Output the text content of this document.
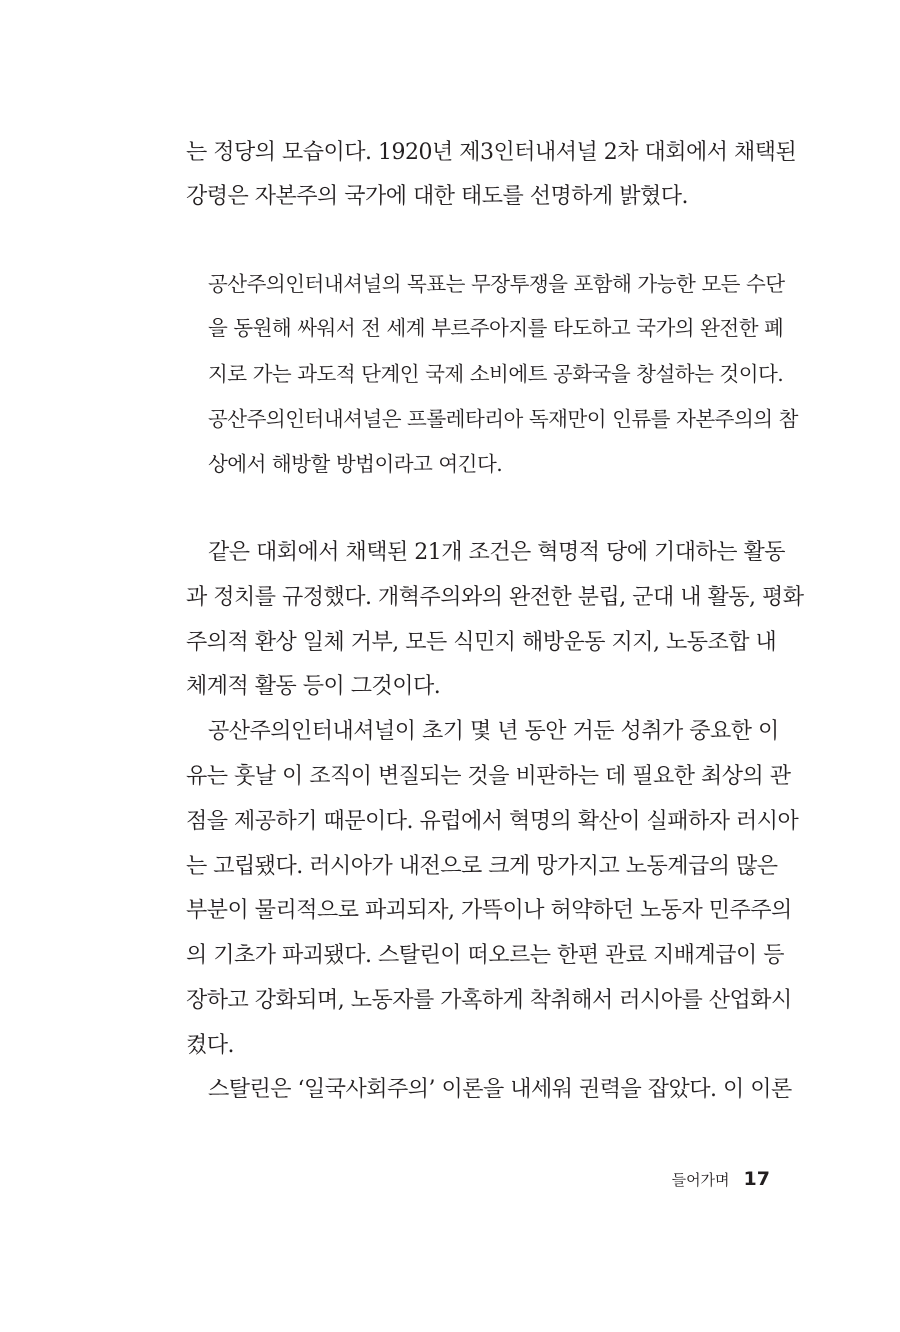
는 정당의 모습이다. 1920년 제3인터내셔널 2차 대회에서 채택된
강령은 자본주의 국가에 대한 태도를 선명하게 밝혔다.
공산주의인터내셔널의 목표는 무장투쟁을 포함해 가능한 모든 수단
을 동원해 싸워서 전 세계 부르주아지를 타도하고 국가의 완전한 폐
지로 가는 과도적 단계인 국제 소비에트 공화국을 창설하는 것이다.
공산주의인터내셔널은 프롤레타리아 독재만이 인류를 자본주의의 참
상에서 해방할 방법이라고 여긴다.
같은 대회에서 채택된 21개 조건은 혁명적 당에 기대하는 활동
과 정치를 규정했다. 개혁주의와의 완전한 분립, 군대 내 활동, 평화
주의적 환상 일체 거부, 모든 식민지 해방운동 지지, 노동조합 내
체계적 활동 등이 그것이다.
공산주의인터내셔널이 초기 몇 년 동안 거둔 성취가 중요한 이
유는 훗날 이 조직이 변질되는 것을 비판하는 데 필요한 최상의 관
점을 제공하기 때문이다. 유럽에서 혁명의 확산이 실패하자 러시아
는 고립됐다. 러시아가 내전으로 크게 망가지고 노동계급의 많은
부분이 물리적으로 파괴되자, 가뜩이나 허약하던 노동자 민주주의
의 기초가 파괴됐다. 스탈린이 떠오르는 한편 관료 지배계급이 등
장하고 강화되며, 노동자를 가혹하게 착취해서 러시아를 산업화시
켰다.
스탈린은 ‘일국사회주의’ 이론을 내세워 권력을 잡았다. 이 이론
들어가며 17
